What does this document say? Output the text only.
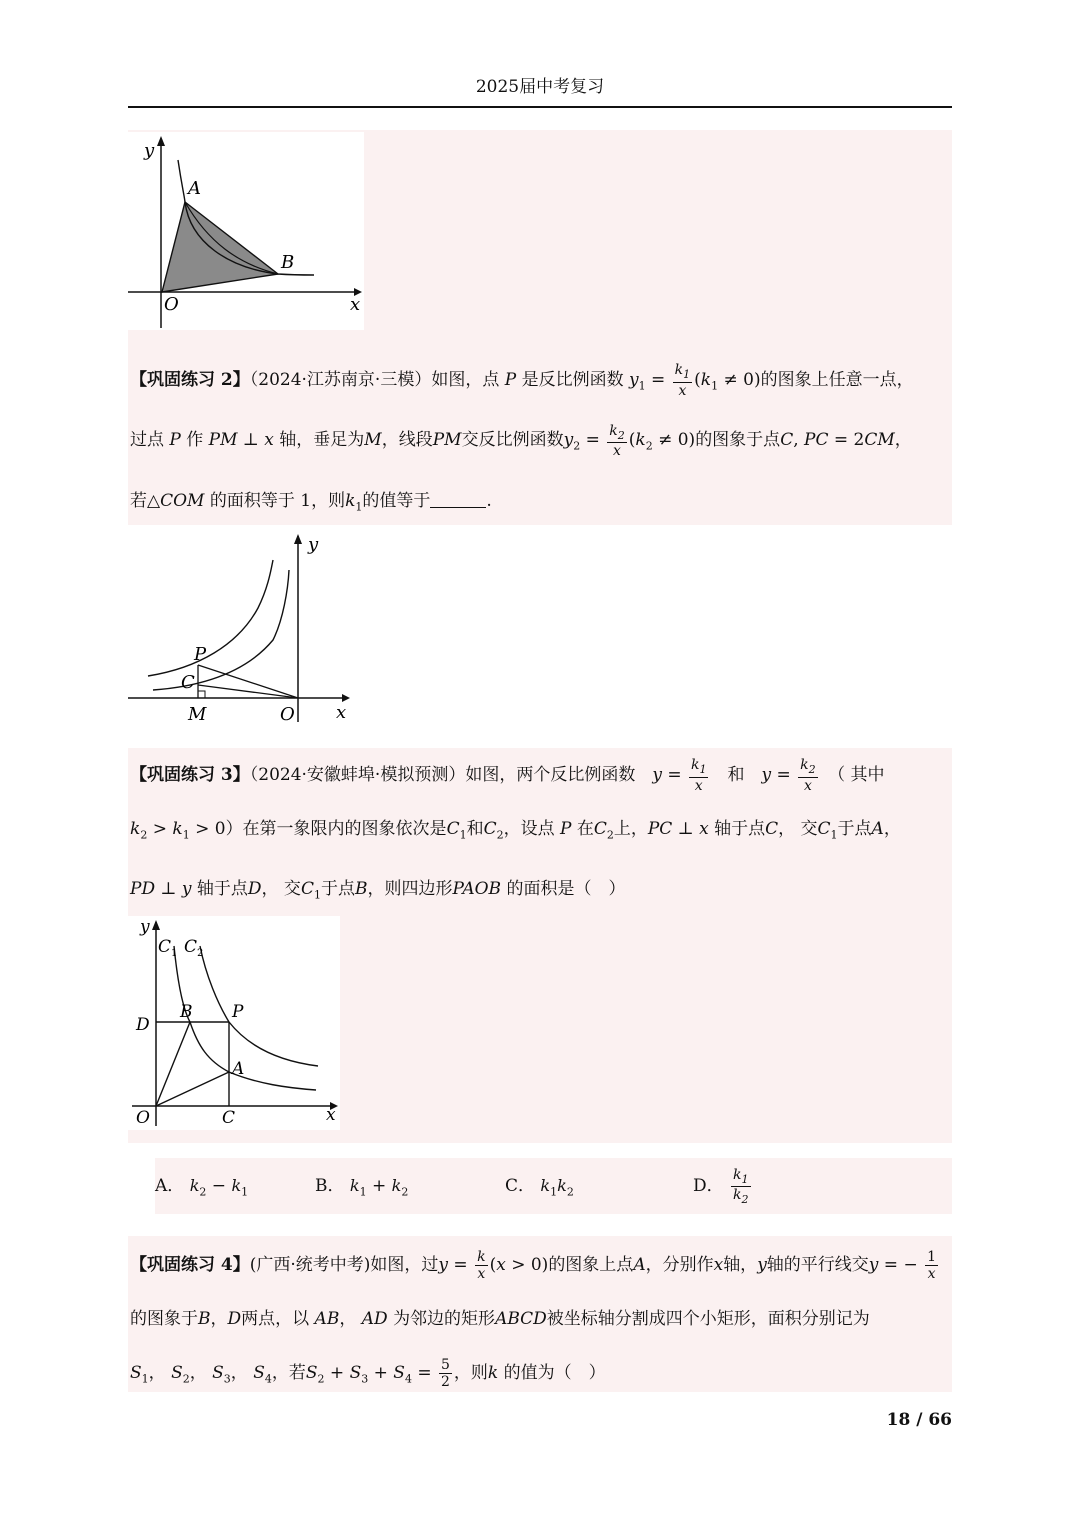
2025届中考复习
y
x
O
A
B
【巩固练习 2】（2024·江苏南京·三模）如图，点 P 是反比例函数 $y_1 = \frac{k_1}{x} (k_1 \ne 0)$的图象上任意一点，
过点 P 作 PM ⊥ x 轴，垂足为M，线段PM交反比例函数$y_2 = \frac{k_2}{x} (k_2 \ne 0)$的图象于点C, PC = 2CM，
若△COM 的面积等于 1，则$k_1$的值等于	.
y
x
O
P
C
M
【巩固练习 3】（2024·安徽蚌埠·模拟预测）如图，两个反比例函数　 $y = \frac{k_1}{x}$
　 和　 $y = \frac{k_2}{x}$
　 （ 其中
$k_2 > k_1 > 0$）在第一象限内的图象依次是$C_1$和$C_2$，设点 P 在$C_2$上，PC ⊥ x 轴于点C， 交$C_1$于点A，
PD ⊥ y 轴于点D， 交$C_1$于点B，则四边形PAOB 的面积是（　）
y
x
O
C 1 C 2
D
B P
A
C
A． $k_2 - k_1$	B． $k_1 + k_2$	C． $k_1k_2$	D． $\frac{k_1}{k_2}$
【巩固练习 4】(广西·统考中考)如图，过$y = \frac{k}{x} (x > 0)$的图象上点A，分别作x轴，y轴的平行线交y = − $\frac{1}{x}$
的图象于B，D两点，以 AB， AD 为邻边的矩形ABCD被坐标轴分割成四个小矩形，面积分别记为
$S_1$， $S_2$， $S_3$， $S_4$，若$S_2 + S_3 + S_4 = \frac{5}{2}$ ，则k 的值为（　）
18 / 66
